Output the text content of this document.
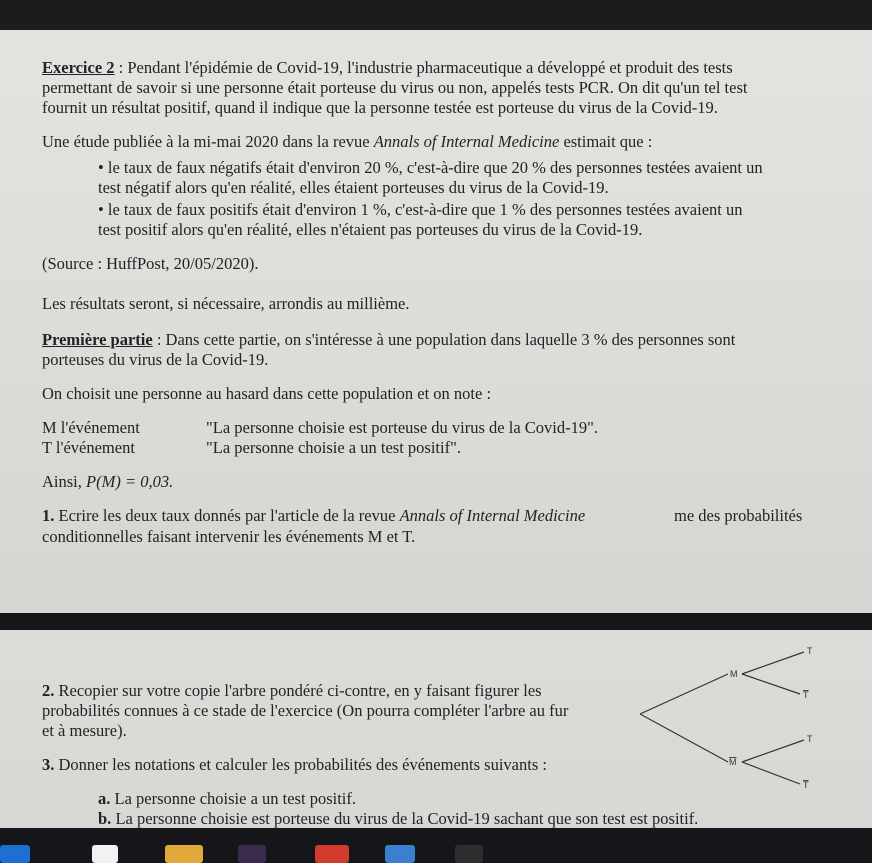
Exercice 2 : Pendant l'épidémie de Covid-19, l'industrie pharmaceutique a développé et produit des tests
permettant de savoir si une personne était porteuse du virus ou non, appelés tests PCR. On dit qu'un tel test
fournit un résultat positif, quand il indique que la personne testée est porteuse du virus de la Covid-19.
Une étude publiée à la mi-mai 2020 dans la revue Annals of Internal Medicine estimait que :
• le taux de faux négatifs était d'environ 20 %, c'est-à-dire que 20 % des personnes testées avaient un
test négatif alors qu'en réalité, elles étaient porteuses du virus de la Covid-19.
• le taux de faux positifs était d'environ 1 %, c'est-à-dire que 1 % des personnes testées avaient un
test positif alors qu'en réalité, elles n'étaient pas porteuses du virus de la Covid-19.
(Source : HuffPost, 20/05/2020).
Les résultats seront, si nécessaire, arrondis au millième.
Première partie : Dans cette partie, on s'intéresse à une population dans laquelle 3 % des personnes sont
porteuses du virus de la Covid-19.
On choisit une personne au hasard dans cette population et on note :
M l'événement	"La personne choisie est porteuse du virus de la Covid-19".
T l'événement	"La personne choisie a un test positif".
Ainsi, P(M) = 0,03.
1. Ecrire les deux taux donnés par l'article de la revue Annals of Internal Medicine	me des probabilités
conditionnelles faisant intervenir les événements M et T.
2. Recopier sur votre copie l'arbre pondéré ci-contre, en y faisant figurer les
probabilités connues à ce stade de l'exercice (On pourra compléter l'arbre au fur
et à mesure).
3. Donner les notations et calculer les probabilités des événements suivants :
a. La personne choisie a un test positif.
b. La personne choisie est porteuse du virus de la Covid-19 sachant que son test est positif.
M
M
T
T
T
T
